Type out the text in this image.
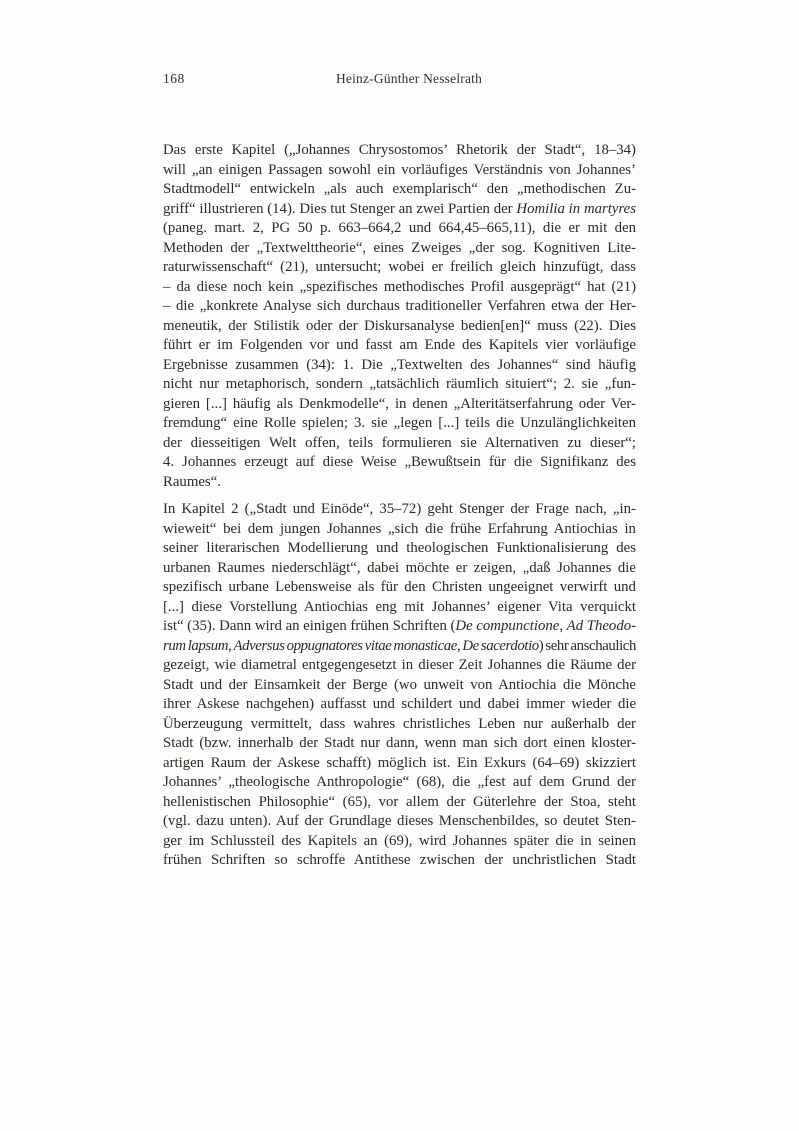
168	Heinz-Günther Nesselrath
Das erste Kapitel („Johannes Chrysostomos’ Rhetorik der Stadt“, 18–34)
will „an einigen Passagen sowohl ein vorläufiges Verständnis von Johannes’
Stadtmodell“ entwickeln „als auch exemplarisch“ den „methodischen Zu-
griff“ illustrieren (14). Dies tut Stenger an zwei Partien der Homilia in martyres
(paneg. mart. 2, PG 50 p. 663–664,2 und 664,45–665,11), die er mit den
Methoden der „Textwelttheorie“, eines Zweiges „der sog. Kognitiven Lite-
raturwissenschaft“ (21), untersucht; wobei er freilich gleich hinzufügt, dass
– da diese noch kein „spezifisches methodisches Profil ausgeprägt“ hat (21)
– die „konkrete Analyse sich durchaus traditioneller Verfahren etwa der Her-
meneutik, der Stilistik oder der Diskursanalyse bedien[en]“ muss (22). Dies
führt er im Folgenden vor und fasst am Ende des Kapitels vier vorläufige
Ergebnisse zusammen (34): 1. Die „Textwelten des Johannes“ sind häufig
nicht nur metaphorisch, sondern „tatsächlich räumlich situiert“; 2. sie „fun-
gieren [...] häufig als Denkmodelle“, in denen „Alteritätserfahrung oder Ver-
fremdung“ eine Rolle spielen; 3. sie „legen [...] teils die Unzulänglichkeiten
der diesseitigen Welt offen, teils formulieren sie Alternativen zu dieser“;
4. Johannes erzeugt auf diese Weise „Bewußtsein für die Signifikanz des
Raumes“.
In Kapitel 2 („Stadt und Einöde“, 35–72) geht Stenger der Frage nach, „in-
wieweit“ bei dem jungen Johannes „sich die frühe Erfahrung Antiochias in
seiner literarischen Modellierung und theologischen Funktionalisierung des
urbanen Raumes niederschlägt“, dabei möchte er zeigen, „daß Johannes die
spezifisch urbane Lebensweise als für den Christen ungeeignet verwirft und
[...] diese Vorstellung Antiochias eng mit Johannes’ eigener Vita verquickt
ist“ (35). Dann wird an einigen frühen Schriften (De compunctione, Ad Theodo-
rum lapsum, Adversus oppugnatores vitae monasticae, De sacerdotio) sehr anschaulich
gezeigt, wie diametral entgegengesetzt in dieser Zeit Johannes die Räume der
Stadt und der Einsamkeit der Berge (wo unweit von Antiochia die Mönche
ihrer Askese nachgehen) auffasst und schildert und dabei immer wieder die
Überzeugung vermittelt, dass wahres christliches Leben nur außerhalb der
Stadt (bzw. innerhalb der Stadt nur dann, wenn man sich dort einen kloster-
artigen Raum der Askese schafft) möglich ist. Ein Exkurs (64–69) skizziert
Johannes’ „theologische Anthropologie“ (68), die „fest auf dem Grund der
hellenistischen Philosophie“ (65), vor allem der Güterlehre der Stoa, steht
(vgl. dazu unten). Auf der Grundlage dieses Menschenbildes, so deutet Sten-
ger im Schlussteil des Kapitels an (69), wird Johannes später die in seinen
frühen Schriften so schroffe Antithese zwischen der unchristlichen Stadt
